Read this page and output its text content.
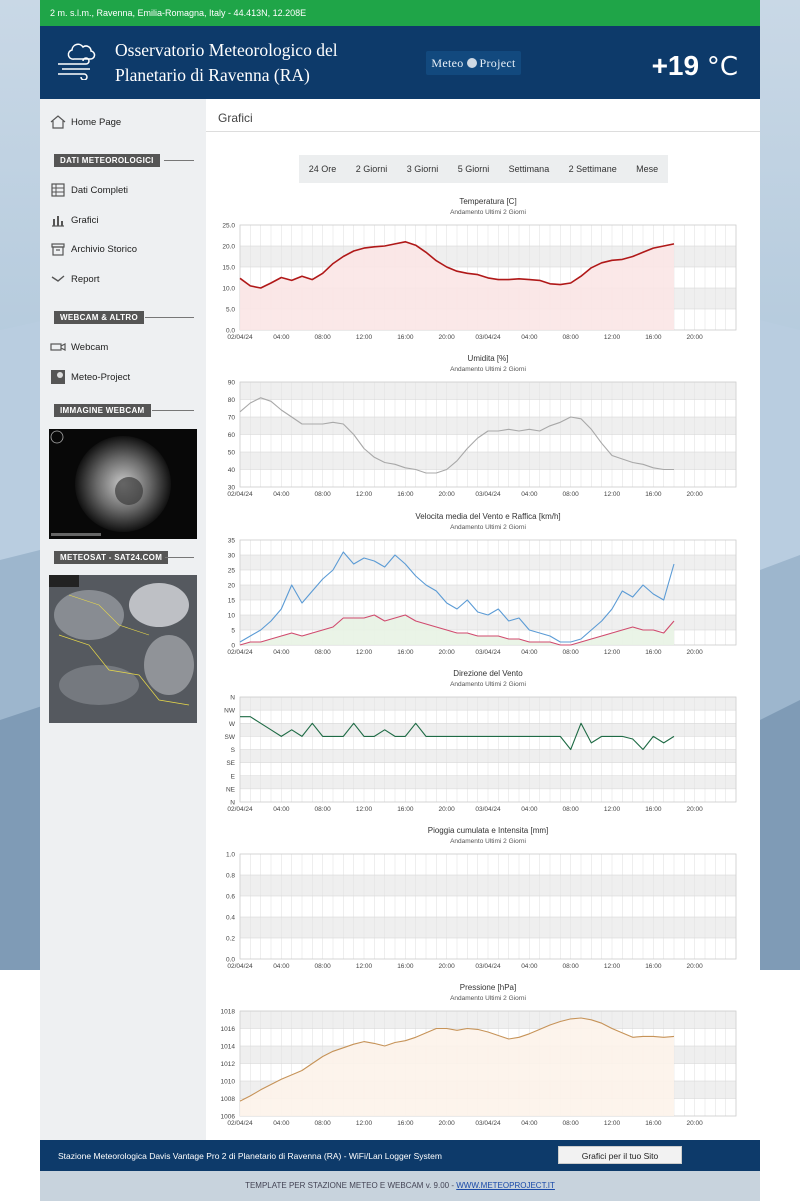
2 m. s.l.m., Ravenna, Emilia-Romagna, Italy - 44.413N, 12.208E
Osservatorio Meteorologico del
Planetario di Ravenna (RA)
Meteo Project	+19 °C
Home Page
DATI METEOROLOGICI
Dati Completi
Grafici
Archivio Storico
Report
WEBCAM & ALTRO
Webcam
Meteo-Project
IMMAGINE WEBCAM
METEOSAT - SAT24.COM
Grafici
24 Ore 2 Giorni 3 Giorni 5 Giorni Settimana 2 Settimane Mese
Temperatura [C]
Andamento Ultimi 2 Giorni
0.0
5.0
10.0
15.0
20.0
25.0
02/04/24	04:00	08:00	12:00	16:00	20:00	03/04/24	04:00	08:00	12:00	16:00	20:00
Umidita [%]
Andamento Ultimi 2 Giorni
30
40
50
60
70
80
90
02/04/24	04:00	08:00	12:00	16:00	20:00	03/04/24	04:00	08:00	12:00	16:00	20:00
Velocita media del Vento e Raffica [km/h]
Andamento Ultimi 2 Giorni
0
5
10
15
20
25
30
35
02/04/24	04:00	08:00	12:00	16:00	20:00	03/04/24	04:00	08:00	12:00	16:00	20:00
Direzione del Vento
Andamento Ultimi 2 Giorni
N
NE
E
SE
S
SW
W
NW
N
02/04/24	04:00	08:00	12:00	16:00	20:00	03/04/24	04:00	08:00	12:00	16:00	20:00
Pioggia cumulata e Intensita [mm]
Andamento Ultimi 2 Giorni
0.0
0.2
0.4
0.6
0.8
1.0
02/04/24	04:00	08:00	12:00	16:00	20:00	03/04/24	04:00	08:00	12:00	16:00	20:00
Pressione [hPa]
Andamento Ultimi 2 Giorni
1006
1008
1010
1012
1014
1016
1018
02/04/24	04:00	08:00	12:00	16:00	20:00	03/04/24	04:00	08:00	12:00	16:00	20:00
Stazione Meteorologica Davis Vantage Pro 2 di Planetario di Ravenna (RA) - WiFi/Lan Logger System	Grafici per il tuo Sito
TEMPLATE PER STAZIONE METEO E WEBCAM v. 9.00 - WWW.METEOPROJECT.IT
